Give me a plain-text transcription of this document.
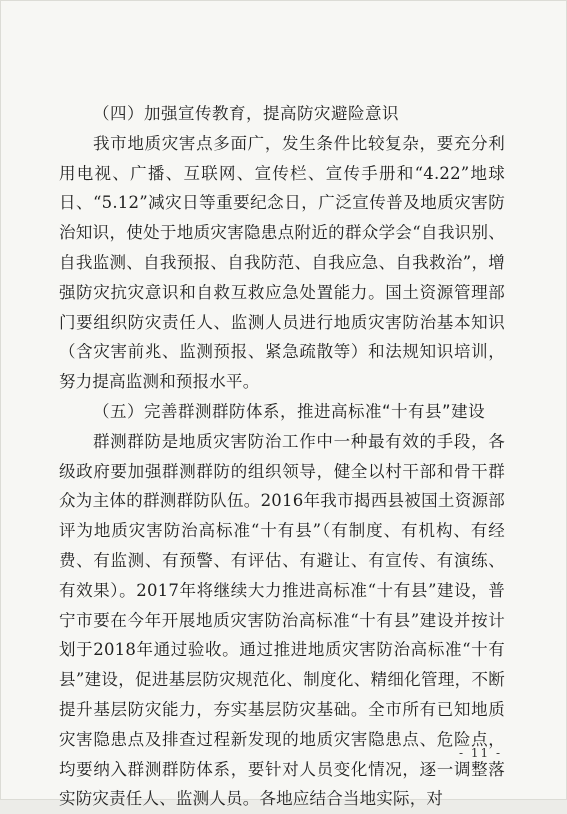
（四）加强宣传教育，提高防灾避险意识

我市地质灾害点多面广，发生条件比较复杂，要充分利用电视、广播、互联网、宣传栏、宣传手册和“4.22”地球日、“5.12”减灾日等重要纪念日，广泛宣传普及地质灾害防治知识，使处于地质灾害隐患点附近的群众学会“自我识别、自我监测、自我预报、自我防范、自我应急、自我救治”，增强防灾抗灾意识和自救互救应急处置能力。国土资源管理部门要组织防灾责任人、监测人员进行地质灾害防治基本知识（含灾害前兆、监测预报、紧急疏散等）和法规知识培训，努力提高监测和预报水平。

（五）完善群测群防体系，推进高标准“十有县”建设

群测群防是地质灾害防治工作中一种最有效的手段，各级政府要加强群测群防的组织领导，健全以村干部和骨干群众为主体的群测群防队伍。2016年我市揭西县被国土资源部评为地质灾害防治高标准“十有县”（有制度、有机构、有经费、有监测、有预警、有评估、有避让、有宣传、有演练、有效果）。2017年将继续大力推进高标准“十有县”建设，普宁市要在今年开展地质灾害防治高标准“十有县”建设并按计划于2018年通过验收。通过推进地质灾害防治高标准“十有县”建设，促进基层防灾规范化、制度化、精细化管理，不断提升基层防灾能力，夯实基层防灾基础。全市所有已知地质灾害隐患点及排查过程新发现的地质灾害隐患点、危险点，均要纳入群测群防体系，要针对人员变化情况，逐一调整落实防灾责任人、监测人员。各地应结合当地实际，对

- 11 -
